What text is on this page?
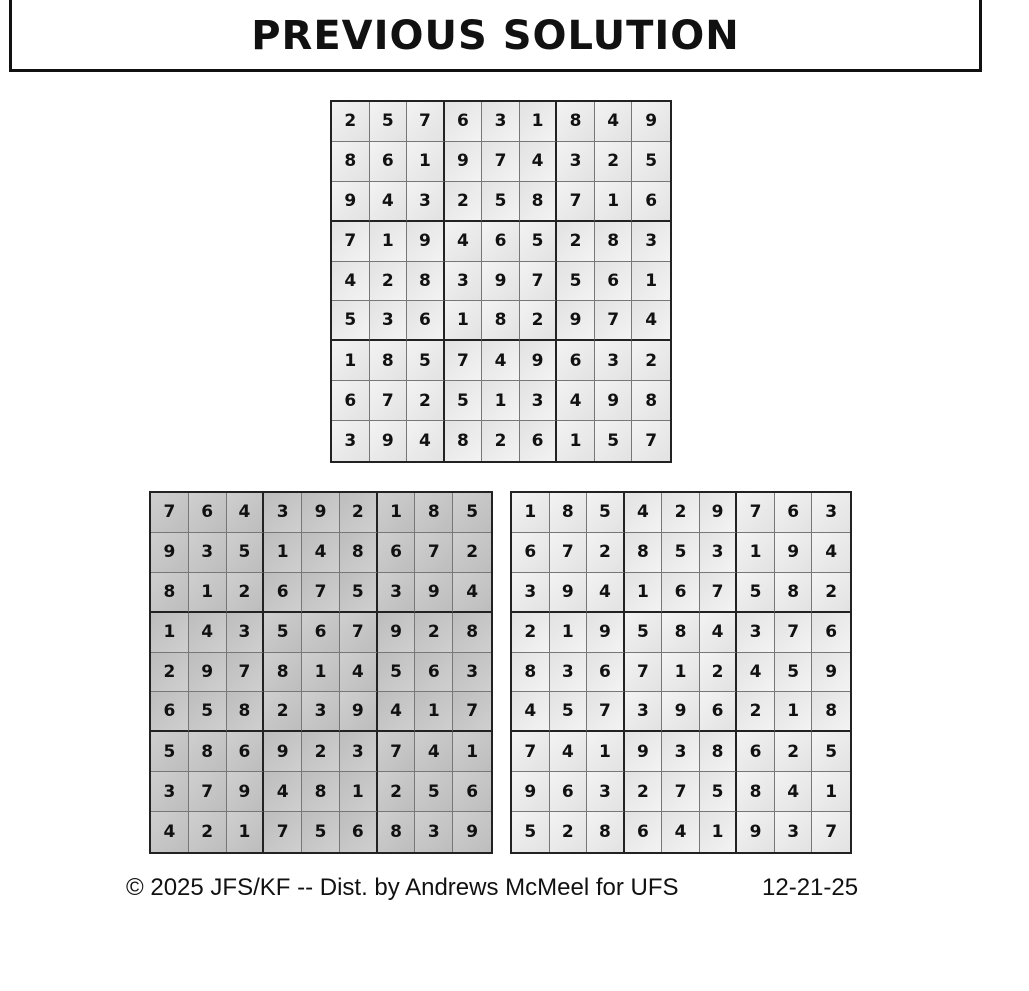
PREVIOUS SOLUTION
2	5	7	6	3	1	8	4	9
8	6	1	9	7	4	3	2	5
9	4	3	2	5	8	7	1	6
7	1	9	4	6	5	2	8	3
4	2	8	3	9	7	5	6	1
5	3	6	1	8	2	9	7	4
1	8	5	7	4	9	6	3	2
6	7	2	5	1	3	4	9	8
3	9	4	8	2	6	1	5	7
7	6	4	3	9	2	1	8	5
9	3	5	1	4	8	6	7	2
8	1	2	6	7	5	3	9	4
1	4	3	5	6	7	9	2	8
2	9	7	8	1	4	5	6	3
6	5	8	2	3	9	4	1	7
5	8	6	9	2	3	7	4	1
3	7	9	4	8	1	2	5	6
4	2	1	7	5	6	8	3	9
1	8	5	4	2	9	7	6	3
6	7	2	8	5	3	1	9	4
3	9	4	1	6	7	5	8	2
2	1	9	5	8	4	3	7	6
8	3	6	7	1	2	4	5	9
4	5	7	3	9	6	2	1	8
7	4	1	9	3	8	6	2	5
9	6	3	2	7	5	8	4	1
5	2	8	6	4	1	9	3	7
© 2025 JFS/KF -- Dist. by Andrews McMeel for UFS	12-21-25
